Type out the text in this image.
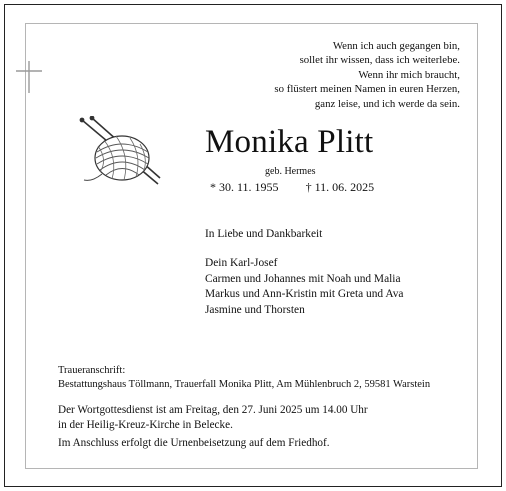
Wenn ich auch gegangen bin,
sollet ihr wissen, dass ich weiterlebe.
Wenn ihr mich braucht,
so flüstert meinen Namen in euren Herzen,
ganz leise, und ich werde da sein.
Monika Plitt
geb. Hermes
* 30. 11. 1955 † 11. 06. 2025
In Liebe und Dankbarkeit
Dein Karl-Josef
Carmen und Johannes mit Noah und Malia
Markus und Ann-Kristin mit Greta und Ava
Jasmine und Thorsten
Traueranschrift:
Bestattungshaus Töllmann, Trauerfall Monika Plitt, Am Mühlenbruch 2, 59581 Warstein
Der Wortgottesdienst ist am Freitag, den 27. Juni 2025 um 14.00 Uhr
in der Heilig-Kreuz-Kirche in Belecke.
Im Anschluss erfolgt die Urnenbeisetzung auf dem Friedhof.
